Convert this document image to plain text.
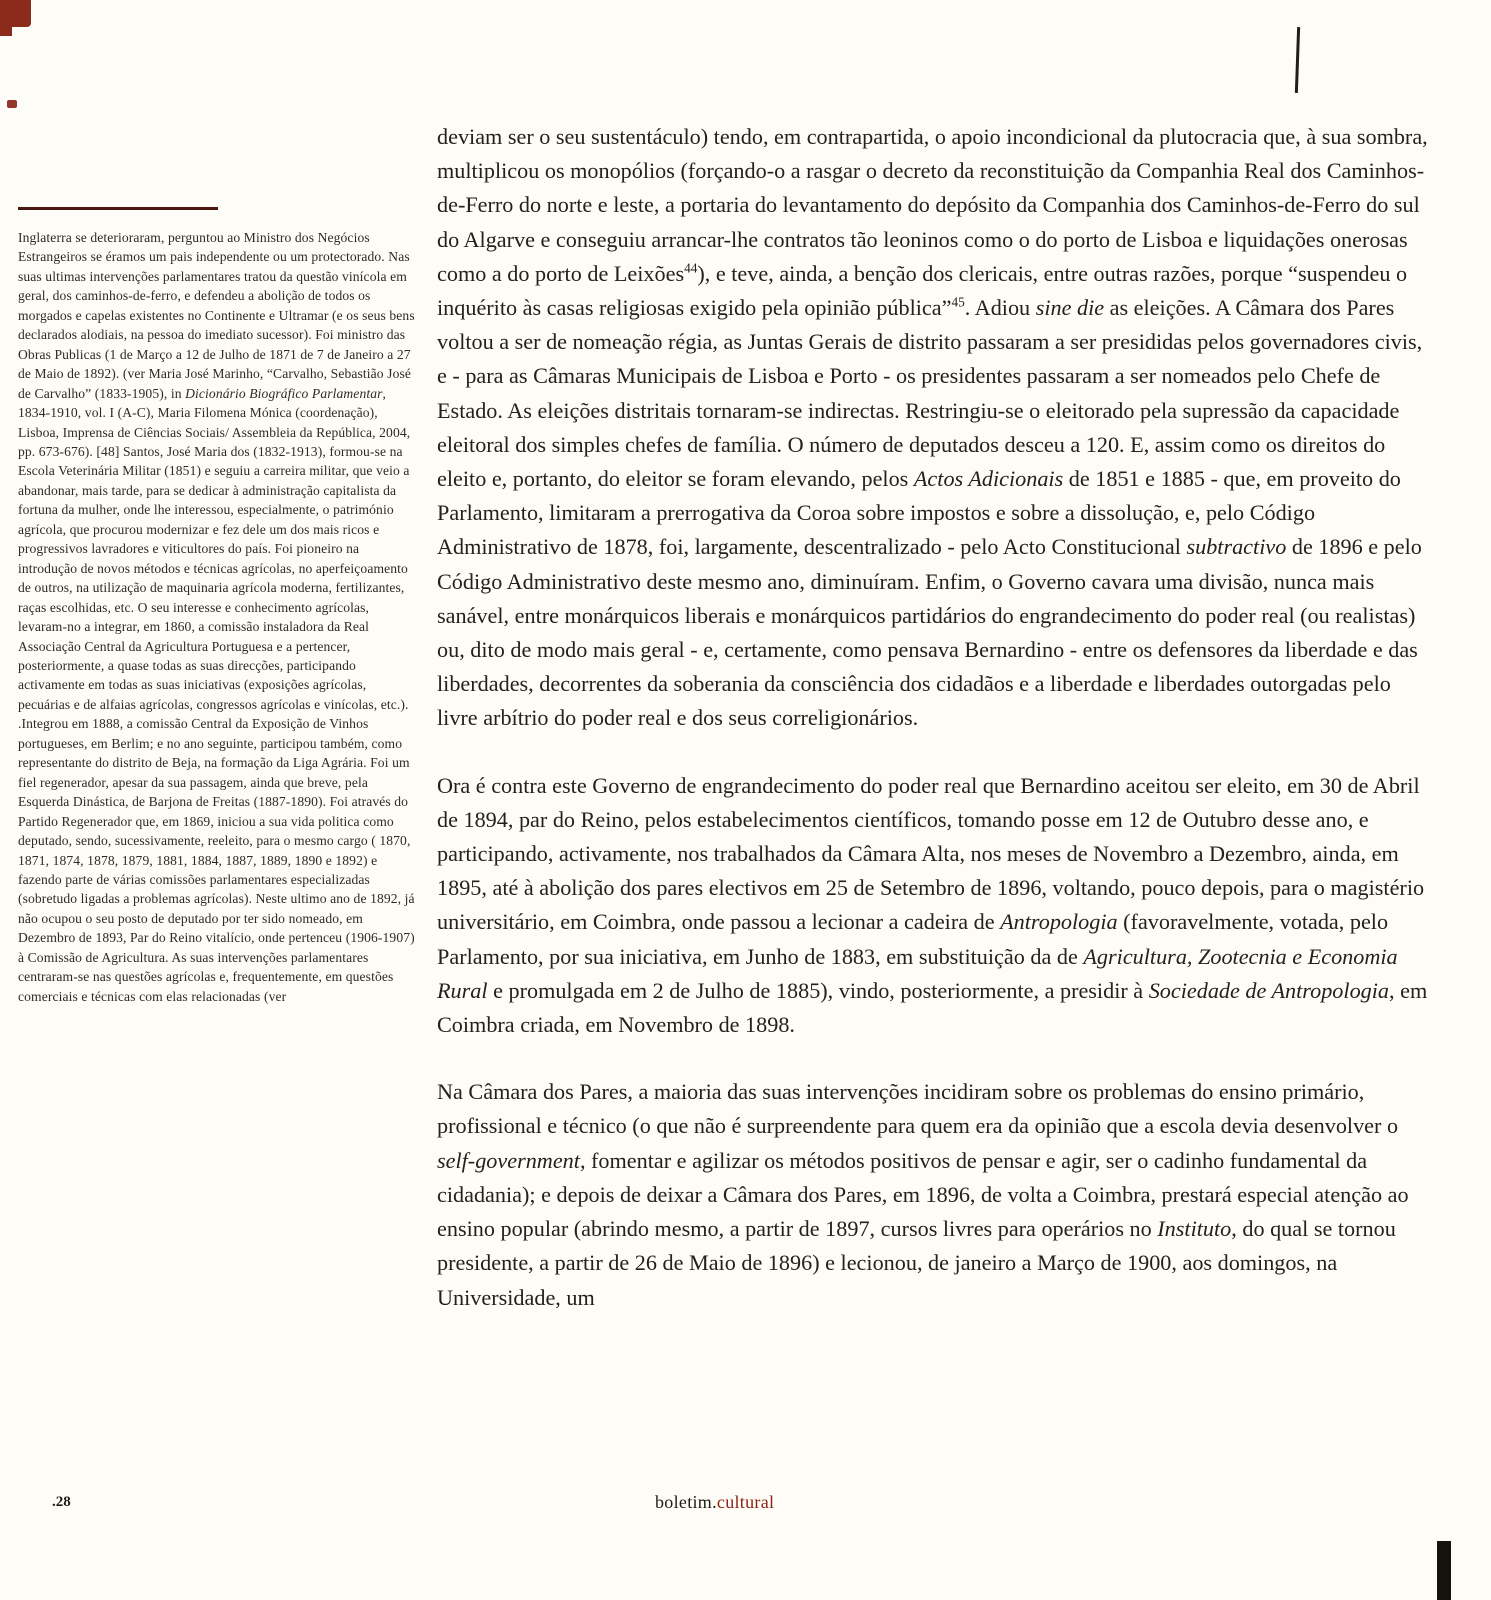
Inglaterra se deterioraram, perguntou ao Ministro dos Negócios Estrangeiros se éramos um pais independente ou um protectorado. Nas suas ultimas intervenções parlamentares tratou da questão vinícola em geral, dos caminhos-de-ferro, e defendeu a abolição de todos os morgados e capelas existentes no Continente e Ultramar (e os seus bens declarados alodiais, na pessoa do imediato sucessor). Foi ministro das Obras Publicas (1 de Março a 12 de Julho de 1871 de 7 de Janeiro a 27 de Maio de 1892). (ver Maria José Marinho, “Carvalho, Sebastião José de Carvalho” (1833-1905), in Dicionário Biográfico Parlamentar, 1834-1910, vol. I (A-C), Maria Filomena Mónica (coordenação), Lisboa, Imprensa de Ciências Sociais/ Assembleia da República, 2004, pp. 673-676). [48] Santos, José Maria dos (1832-1913), formou-se na Escola Veterinária Militar (1851) e seguiu a carreira militar, que veio a abandonar, mais tarde, para se dedicar à administração capitalista da fortuna da mulher, onde lhe interessou, especialmente, o património agrícola, que procurou modernizar e fez dele um dos mais ricos e progressivos lavradores e viticultores do país. Foi pioneiro na introdução de novos métodos e técnicas agrícolas, no aperfeiçoamento de outros, na utilização de maquinaria agrícola moderna, fertilizantes, raças escolhidas, etc. O seu interesse e conhecimento agrícolas, levaram-no a integrar, em 1860, a comissão instaladora da Real Associação Central da Agricultura Portuguesa e a pertencer, posteriormente, a quase todas as suas direcções, participando activamente em todas as suas iniciativas (exposições agrícolas, pecuárias e de alfaias agrícolas, congressos agrícolas e vinícolas, etc.). .Integrou em 1888, a comissão Central da Exposição de Vinhos portugueses, em Berlim; e no ano seguinte, participou também, como representante do distrito de Beja, na formação da Liga Agrária. Foi um fiel regenerador, apesar da sua passagem, ainda que breve, pela Esquerda Dinástica, de Barjona de Freitas (1887-1890). Foi através do Partido Regenerador que, em 1869, iniciou a sua vida politica como deputado, sendo, sucessivamente, reeleito, para o mesmo cargo ( 1870, 1871, 1874, 1878, 1879, 1881, 1884, 1887, 1889, 1890 e 1892) e fazendo parte de várias comissões parlamentares especializadas (sobretudo ligadas a problemas agrícolas). Neste ultimo ano de 1892, já não ocupou o seu posto de deputado por ter sido nomeado, em Dezembro de 1893, Par do Reino vitalício, onde pertenceu (1906-1907) à Comissão de Agricultura. As suas intervenções parlamentares centraram-se nas questões agrícolas e, frequentemente, em questões comerciais e técnicas com elas relacionadas (ver

deviam ser o seu sustentáculo) tendo, em contrapartida, o apoio incondicional da plutocracia que, à sua sombra, multiplicou os monopólios (forçando-o a rasgar o decreto da reconstituição da Companhia Real dos Caminhos-de-Ferro do norte e leste, a portaria do levantamento do depósito da Companhia dos Caminhos-de-Ferro do sul do Algarve e conseguiu arrancar-lhe contratos tão leoninos como o do porto de Lisboa e liquidações onerosas como a do porto de Leixões$^{44}$), e teve, ainda, a benção dos clericais, entre outras razões, porque “suspendeu o inquérito às casas religiosas exigido pela opinião pública”$^{45}$. Adiou sine die as eleições. A Câmara dos Pares voltou a ser de nomeação régia, as Juntas Gerais de distrito passaram a ser presididas pelos governadores civis, e - para as Câmaras Municipais de Lisboa e Porto - os presidentes passaram a ser nomeados pelo Chefe de Estado. As eleições distritais tornaram-se indirectas. Restringiu-se o eleitorado pela supressão da capacidade eleitoral dos simples chefes de família. O número de deputados desceu a 120. E, assim como os direitos do eleito e, portanto, do eleitor se foram elevando, pelos Actos Adicionais de 1851 e 1885 - que, em proveito do Parlamento, limitaram a prerrogativa da Coroa sobre impostos e sobre a dissolução, e, pelo Código Administrativo de 1878, foi, largamente, descentralizado - pelo Acto Constitucional subtractivo de 1896 e pelo Código Administrativo deste mesmo ano, diminuíram. Enfim, o Governo cavara uma divisão, nunca mais sanável, entre monárquicos liberais e monárquicos partidários do engrandecimento do poder real (ou realistas) ou, dito de modo mais geral - e, certamente, como pensava Bernardino - entre os defensores da liberdade e das liberdades, decorrentes da soberania da consciência dos cidadãos e a liberdade e liberdades outorgadas pelo livre arbítrio do poder real e dos seus correligionários.

Ora é contra este Governo de engrandecimento do poder real que Bernardino aceitou ser eleito, em 30 de Abril de 1894, par do Reino, pelos estabelecimentos científicos, tomando posse em 12 de Outubro desse ano, e participando, activamente, nos trabalhados da Câmara Alta, nos meses de Novembro a Dezembro, ainda, em 1895, até à abolição dos pares electivos em 25 de Setembro de 1896, voltando, pouco depois, para o magistério universitário, em Coimbra, onde passou a lecionar a cadeira de Antropologia (favoravelmente, votada, pelo Parlamento, por sua iniciativa, em Junho de 1883, em substituição da de Agricultura, Zootecnia e Economia Rural e promulgada em 2 de Julho de 1885), vindo, posteriormente, a presidir à Sociedade de Antropologia, em Coimbra criada, em Novembro de 1898.

Na Câmara dos Pares, a maioria das suas intervenções incidiram sobre os problemas do ensino primário, profissional e técnico (o que não é surpreendente para quem era da opinião que a escola devia desenvolver o self-government, fomentar e agilizar os métodos positivos de pensar e agir, ser o cadinho fundamental da cidadania); e depois de deixar a Câmara dos Pares, em 1896, de volta a Coimbra, prestará especial atenção ao ensino popular (abrindo mesmo, a partir de 1897, cursos livres para operários no Instituto, do qual se tornou presidente, a partir de 26 de Maio de 1896) e lecionou, de janeiro a Março de 1900, aos domingos, na Universidade, um

.28	boletim.cultural
